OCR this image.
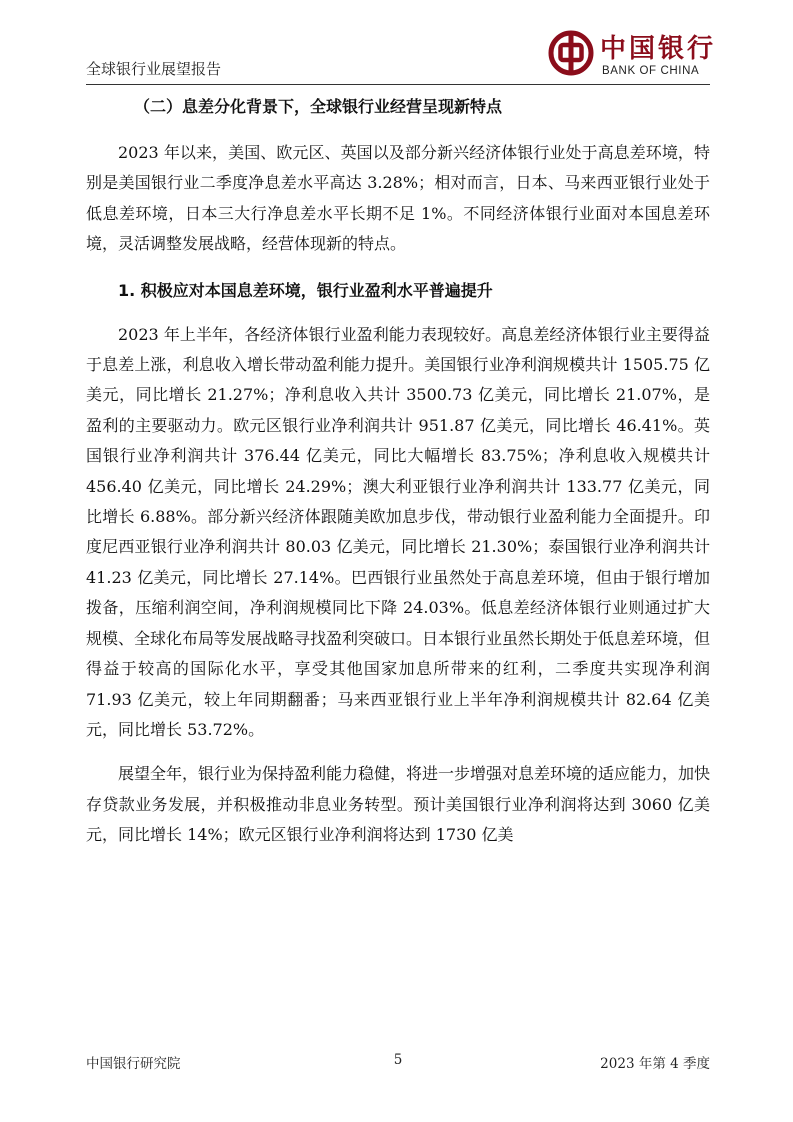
全球银行业展望报告
中国银行
BANK OF CHINA
（二）息差分化背景下，全球银行业经营呈现新特点

2023 年以来，美国、欧元区、英国以及部分新兴经济体银行业处于高息差环境，特别是美国银行业二季度净息差水平高达 3.28%；相对而言，日本、马来西亚银行业处于低息差环境，日本三大行净息差水平长期不足 1%。不同经济体银行业面对本国息差环境，灵活调整发展战略，经营体现新的特点。

1. 积极应对本国息差环境，银行业盈利水平普遍提升

2023 年上半年，各经济体银行业盈利能力表现较好。高息差经济体银行业主要得益于息差上涨，利息收入增长带动盈利能力提升。美国银行业净利润规模共计 1505.75 亿美元，同比增长 21.27%；净利息收入共计 3500.73 亿美元，同比增长 21.07%，是盈利的主要驱动力。欧元区银行业净利润共计 951.87 亿美元，同比增长 46.41%。英国银行业净利润共计 376.44 亿美元，同比大幅增长 83.75%；净利息收入规模共计 456.40 亿美元，同比增长 24.29%；澳大利亚银行业净利润共计 133.77 亿美元，同比增长 6.88%。部分新兴经济体跟随美欧加息步伐，带动银行业盈利能力全面提升。印度尼西亚银行业净利润共计 80.03 亿美元，同比增长 21.30%；泰国银行业净利润共计 41.23 亿美元，同比增长 27.14%。巴西银行业虽然处于高息差环境，但由于银行增加拨备，压缩利润空间，净利润规模同比下降 24.03%。低息差经济体银行业则通过扩大规模、全球化布局等发展战略寻找盈利突破口。日本银行业虽然长期处于低息差环境，但得益于较高的国际化水平，享受其他国家加息所带来的红利，二季度共实现净利润 71.93 亿美元，较上年同期翻番；马来西亚银行业上半年净利润规模共计 82.64 亿美元，同比增长 53.72%。

展望全年，银行业为保持盈利能力稳健，将进一步增强对息差环境的适应能力，加快存贷款业务发展，并积极推动非息业务转型。预计美国银行业净利润将达到 3060 亿美元，同比增长 14%；欧元区银行业净利润将达到 1730 亿美

中国银行研究院	5	2023 年第 4 季度
